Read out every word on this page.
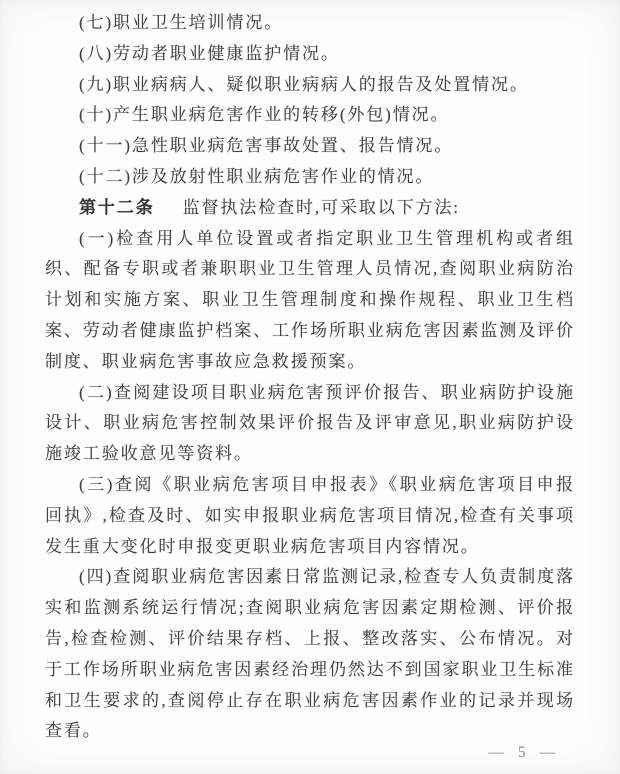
(七)职业卫生培训情况。

(八)劳动者职业健康监护情况。

(九)职业病病人、疑似职业病病人的报告及处置情况。

(十)产生职业病危害作业的转移(外包)情况。

(十一)急性职业病危害事故处置、报告情况。

(十二)涉及放射性职业病危害作业的情况。

第十二条 监督执法检查时,可采取以下方法:

(一)检查用人单位设置或者指定职业卫生管理机构或者组织、配备专职或者兼职职业卫生管理人员情况,查阅职业病防治计划和实施方案、职业卫生管理制度和操作规程、职业卫生档案、劳动者健康监护档案、工作场所职业病危害因素监测及评价制度、职业病危害事故应急救援预案。

(二)查阅建设项目职业病危害预评价报告、职业病防护设施设计、职业病危害控制效果评价报告及评审意见,职业病防护设施竣工验收意见等资料。

(三)查阅《职业病危害项目申报表》《职业病危害项目申报回执》,检查及时、如实申报职业病危害项目情况,检查有关事项发生重大变化时申报变更职业病危害项目内容情况。

(四)查阅职业病危害因素日常监测记录,检查专人负责制度落实和监测系统运行情况;查阅职业病危害因素定期检测、评价报告,检查检测、评价结果存档、上报、整改落实、公布情况。对于工作场所职业病危害因素经治理仍然达不到国家职业卫生标准和卫生要求的,查阅停止存在职业病危害因素作业的记录并现场查看。

— 5 —
